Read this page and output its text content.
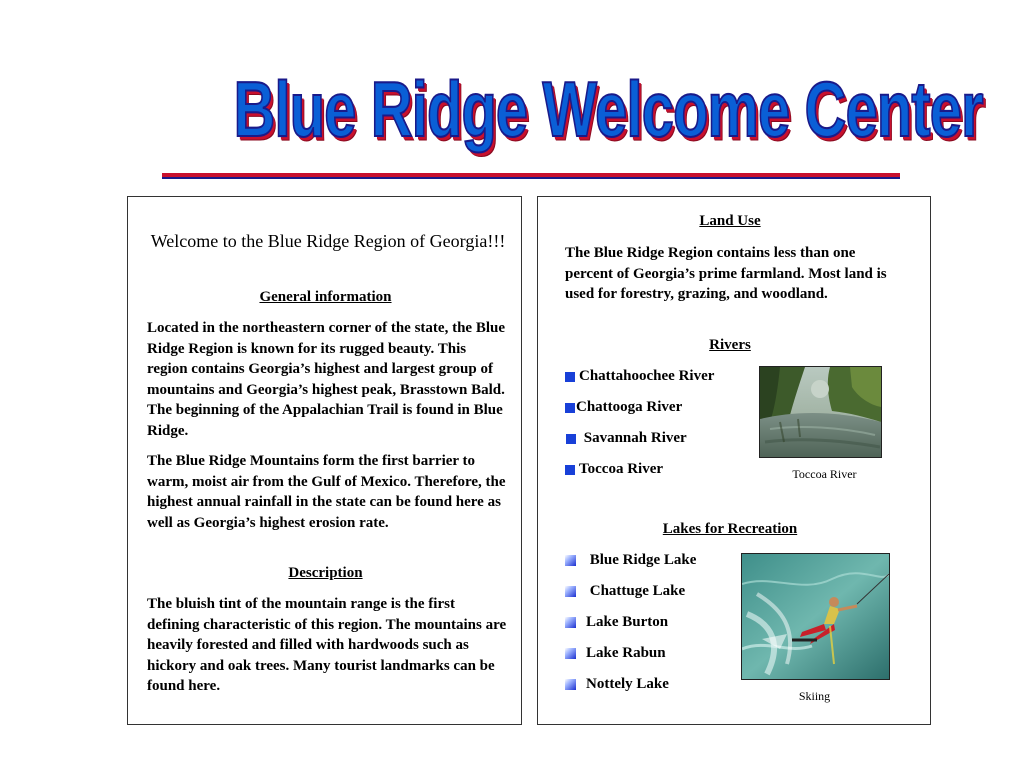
Blue Ridge Welcome Center
Welcome to the Blue Ridge Region of Georgia!!!
General information
Located in the northeastern corner of the state, the Blue Ridge Region is known for its rugged beauty. This region contains Georgia’s highest and largest group of mountains and Georgia’s highest peak, Brasstown Bald. The beginning of the Appalachian Trail is found in Blue Ridge.
The Blue Ridge Mountains form the first barrier to warm, moist air from the Gulf of Mexico. Therefore, the highest annual rainfall in the state can be found here as well as Georgia’s highest erosion rate.
Description
The bluish tint of the mountain range is the first defining characteristic of this region. The mountains are heavily forested and filled with hardwoods such as hickory and oak trees. Many tourist landmarks can be found here.
Land Use
The Blue Ridge Region contains less than one percent of Georgia’s prime farmland. Most land is used for forestry, grazing, and woodland.
Rivers
Chattahoochee River
Chattooga River
Savannah River
Toccoa River	Toccoa River
Lakes for Recreation
Blue Ridge Lake
Chattuge Lake
Lake Burton
Lake Rabun
Nottely Lake
Skiing
